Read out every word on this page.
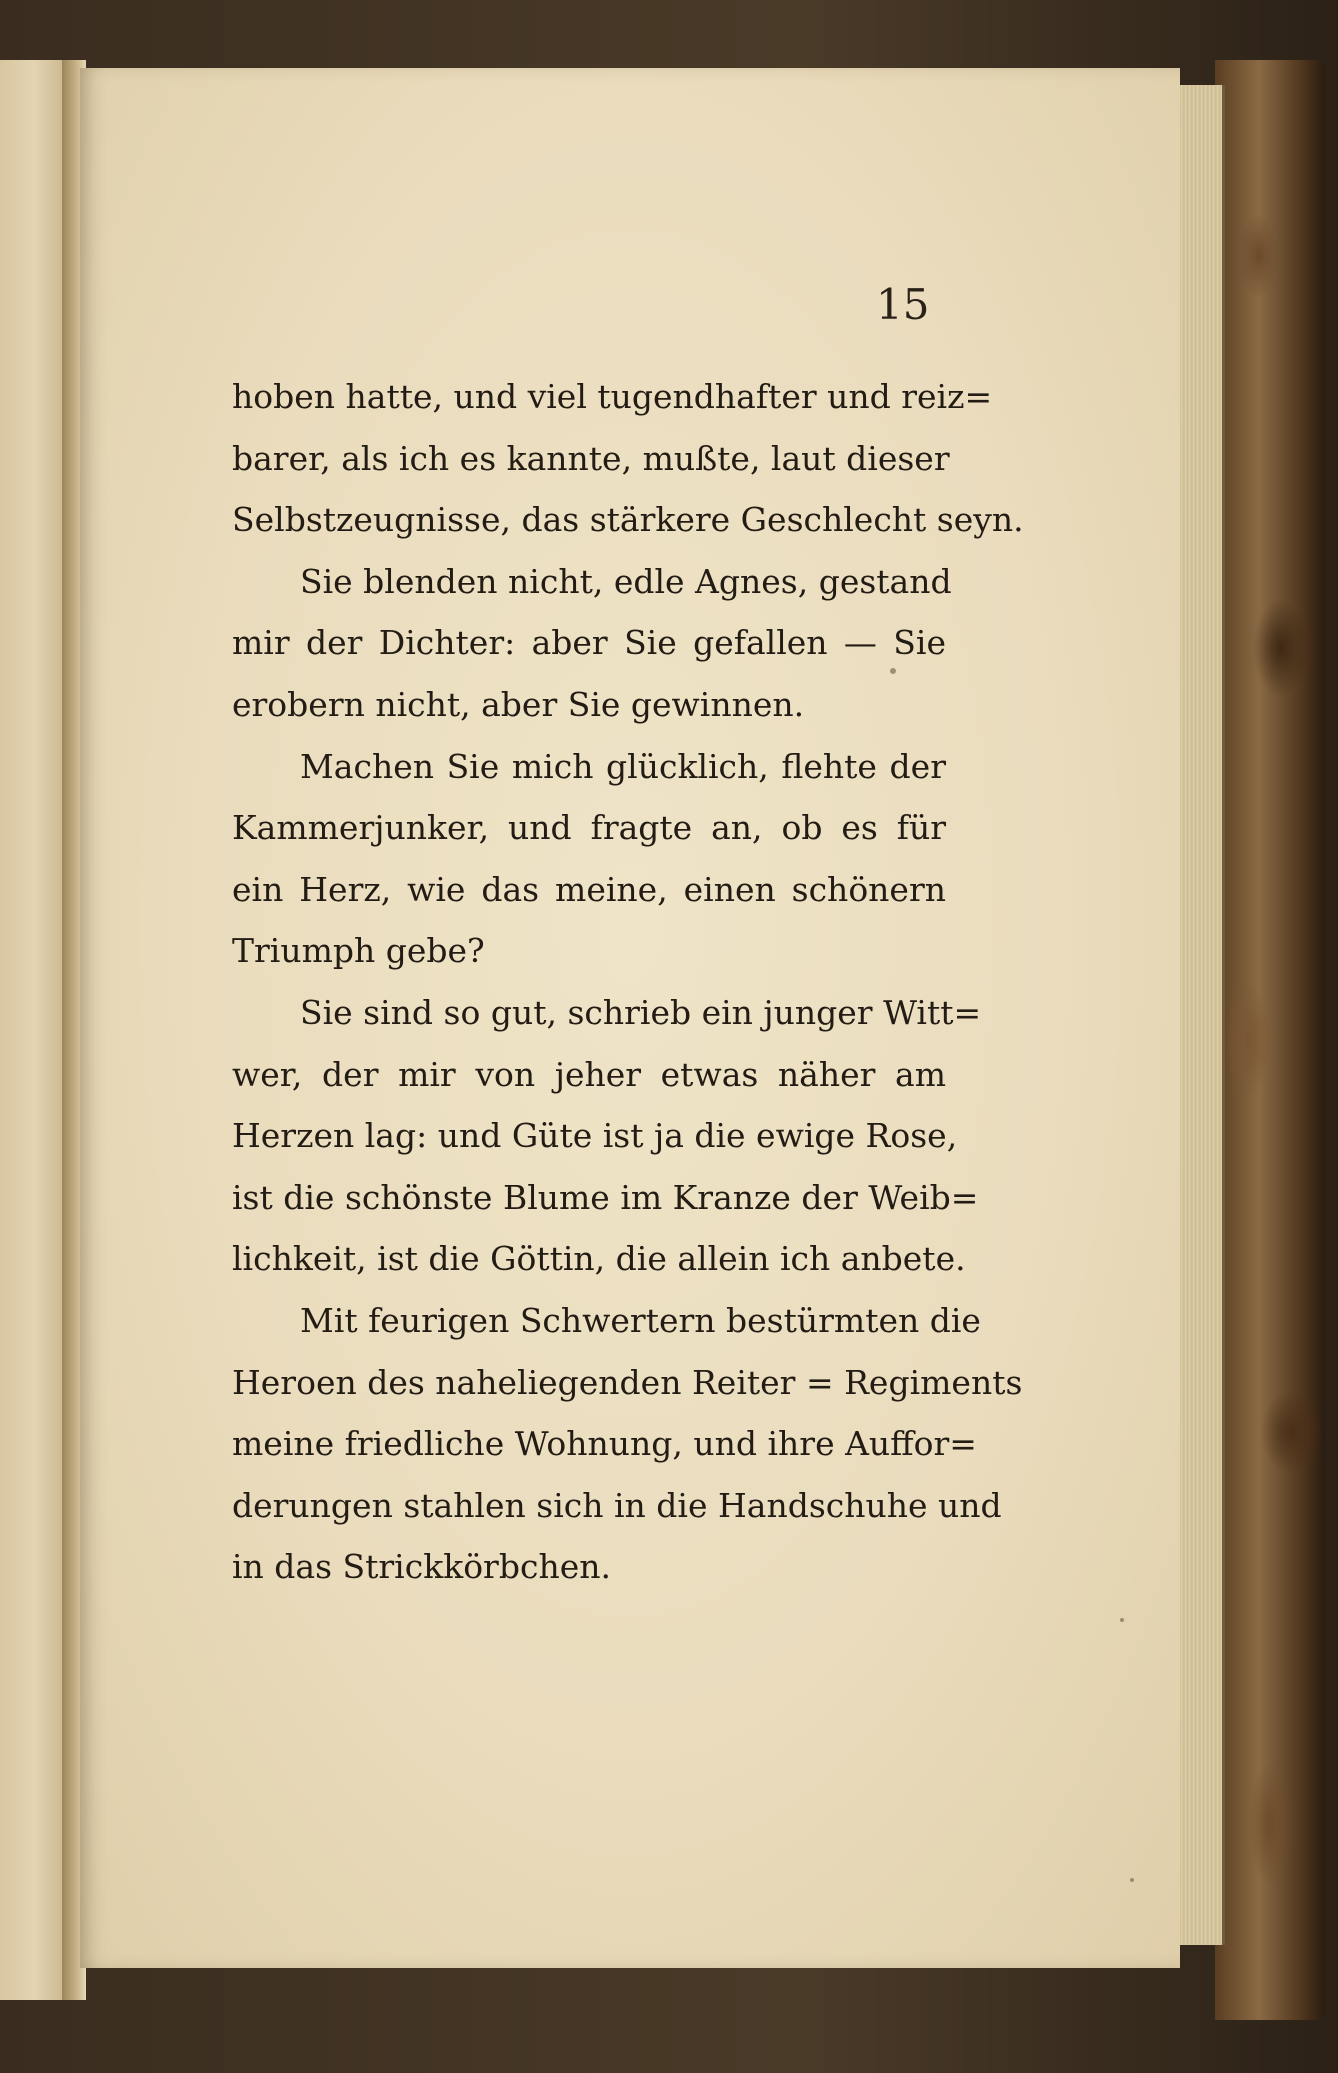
15

hoben hatte, und viel tugendhafter und reiz=
barer, als ich es kannte, mußte, laut dieser
Selbstzeugnisse, das stärkere Geschlecht seyn.
Sie blenden nicht, edle Agnes, gestand
mir der Dichter: aber Sie gefallen — Sie
erobern nicht, aber Sie gewinnen.
Machen Sie mich glücklich, flehte der
Kammerjunker, und fragte an, ob es für
ein Herz, wie das meine, einen schönern
Triumph gebe?
Sie sind so gut, schrieb ein junger Witt=
wer, der mir von jeher etwas näher am
Herzen lag: und Güte ist ja die ewige Rose,
ist die schönste Blume im Kranze der Weib=
lichkeit, ist die Göttin, die allein ich anbete.
Mit feurigen Schwertern bestürmten die
Heroen des naheliegenden Reiter = Regiments
meine friedliche Wohnung, und ihre Auffor=
derungen stahlen sich in die Handschuhe und
in das Strickkörbchen.
